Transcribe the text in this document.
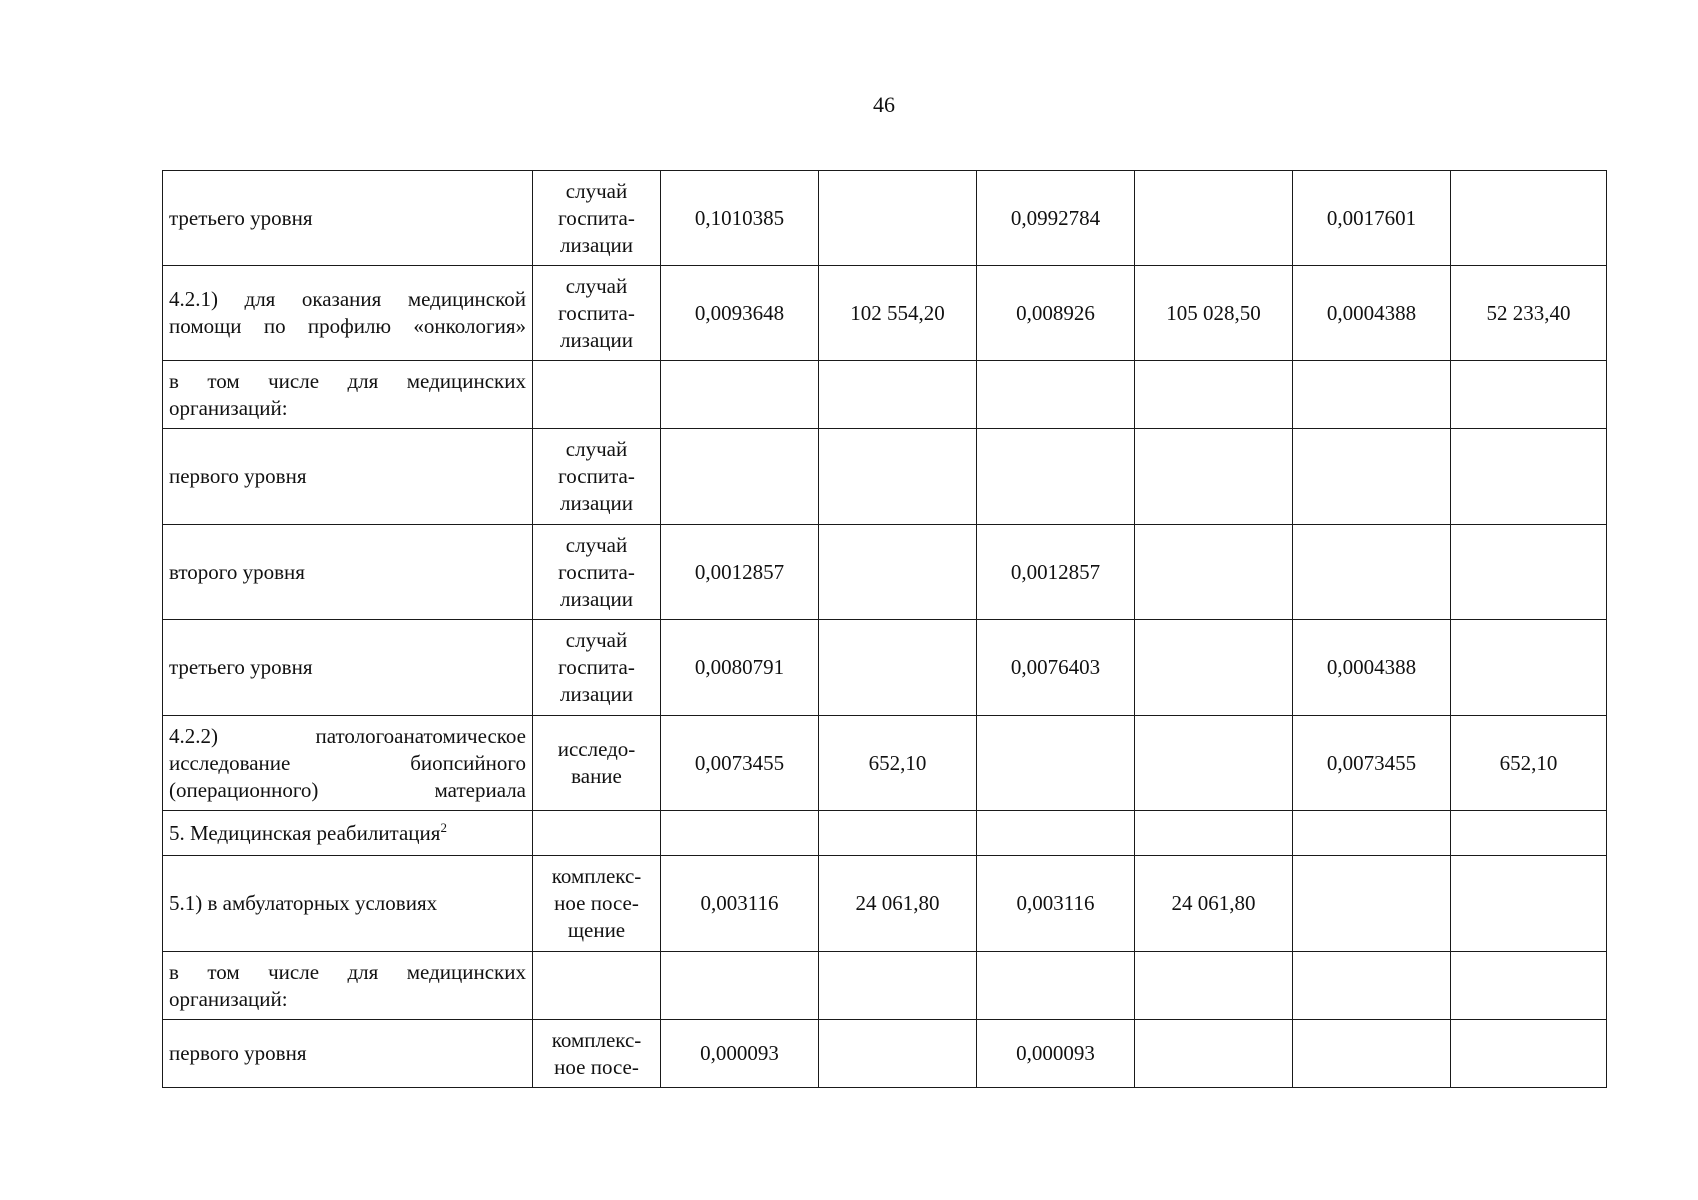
46
третьего уровня	случай
госпита-
лизации	0,1010385		0,0992784		0,0017601	
4.2.1) для оказания медицинской помощи по профилю «онкология»	случай
госпита-
лизации	0,0093648	102 554,20	0,008926	105 028,50	0,0004388	52 233,40
в том числе для медицинских организаций:							
первого уровня	случай
госпита-
лизации						

второго уровня	случай
госпита-
лизации	0,0012857		0,0012857			
третьего уровня	случай
госпита-
лизации	0,0080791		0,0076403		0,0004388	
4.2.2) патологоанатомическое исследование биопсийного (операционного) материала	исследо-
вание	0,0073455	652,10			0,0073455	652,10
5. Медицинская реабилитация$^2$							
5.1) в амбулаторных условиях	комплекс-
ное посе-
щение	0,003116	24 061,80	0,003116	24 061,80		
в том числе для медицинских организаций:							
первого уровня	комплекс-
ное посе-	0,000093		0,000093			
